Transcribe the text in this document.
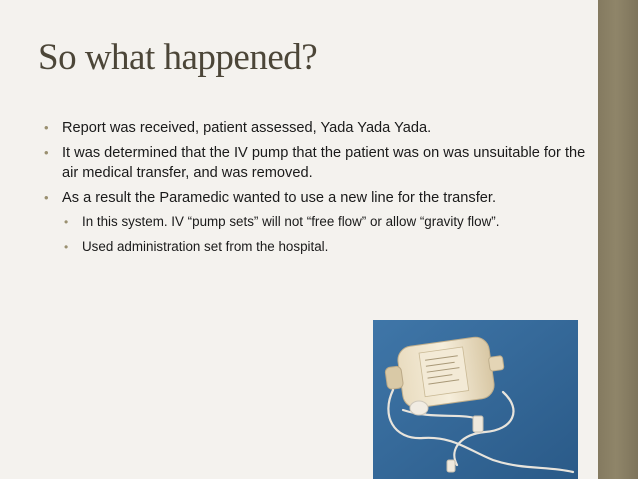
So what happened?
• Report was received, patient assessed, Yada Yada Yada.
• It was determined that the IV pump that the patient was on was unsuitable for the air medical transfer, and was removed.
• As a result the Paramedic wanted to use a new line for the transfer.
• In this system. IV “pump sets” will not “free flow” or allow “gravity flow”.
• Used administration set from the hospital.
